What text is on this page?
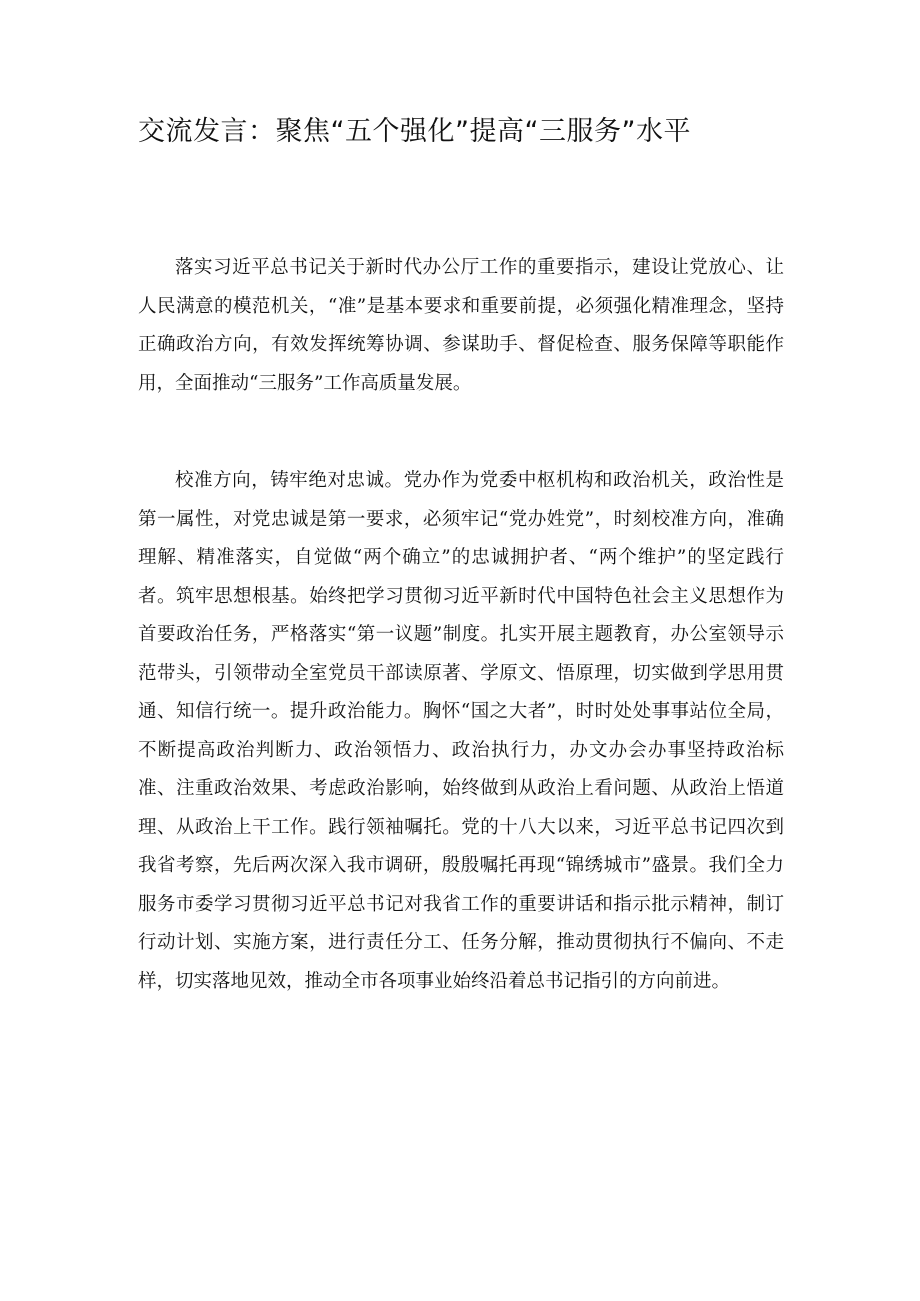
交流发言：聚焦“五个强化”提高“三服务”水平

落实习近平总书记关于新时代办公厅工作的重要指示，建设让党放心、让人民满意的模范机关，“准”是基本要求和重要前提，必须强化精准理念，坚持正确政治方向，有效发挥统筹协调、参谋助手、督促检查、服务保障等职能作用，全面推动“三服务”工作高质量发展。

校准方向，铸牢绝对忠诚。党办作为党委中枢机构和政治机关，政治性是第一属性，对党忠诚是第一要求，必须牢记“党办姓党”，时刻校准方向，准确理解、精准落实，自觉做“两个确立”的忠诚拥护者、“两个维护”的坚定践行者。筑牢思想根基。始终把学习贯彻习近平新时代中国特色社会主义思想作为首要政治任务，严格落实“第一议题”制度。扎实开展主题教育，办公室领导示范带头，引领带动全室党员干部读原著、学原文、悟原理，切实做到学思用贯通、知信行统一。提升政治能力。胸怀“国之大者”，时时处处事事站位全局，不断提高政治判断力、政治领悟力、政治执行力，办文办会办事坚持政治标准、注重政治效果、考虑政治影响，始终做到从政治上看问题、从政治上悟道理、从政治上干工作。践行领袖嘱托。党的十八大以来，习近平总书记四次到我省考察，先后两次深入我市调研，殷殷嘱托再现“锦绣城市”盛景。我们全力服务市委学习贯彻习近平总书记对我省工作的重要讲话和指示批示精神，制订行动计划、实施方案，进行责任分工、任务分解，推动贯彻执行不偏向、不走样，切实落地见效，推动全市各项事业始终沿着总书记指引的方向前进。
